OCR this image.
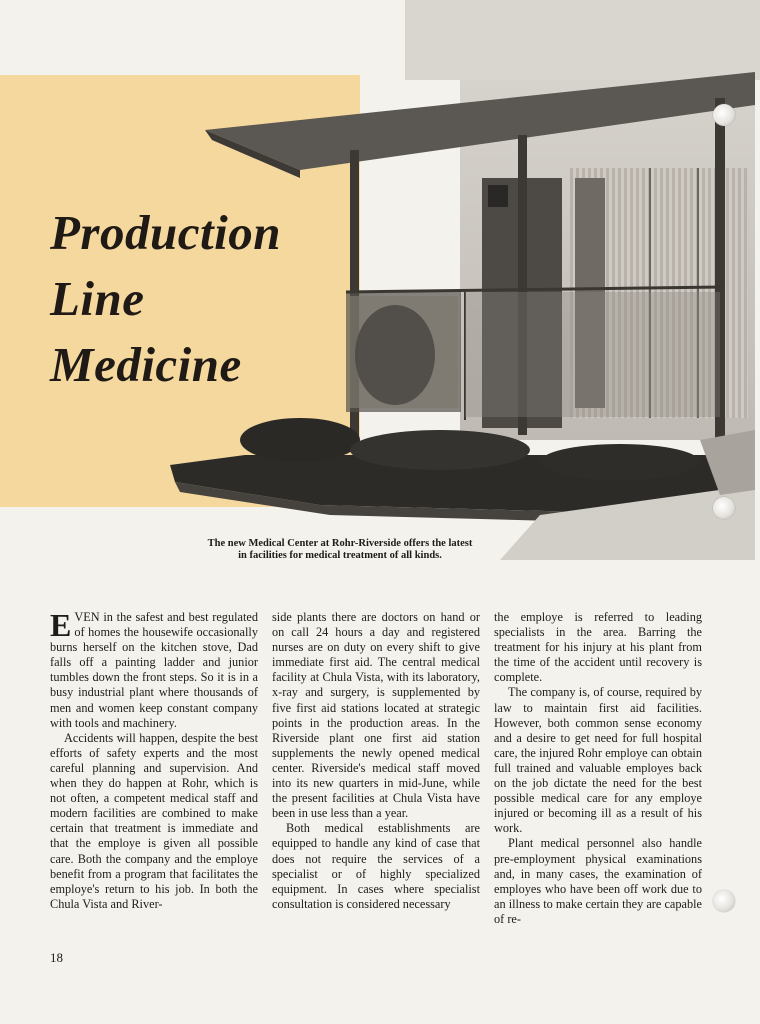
Production
Line
Medicine
The new Medical Center at Rohr-Riverside offers the latest
in facilities for medical treatment of all kinds.

EVEN in the safest and best regulated of homes the housewife occasionally burns herself on the kitchen stove, Dad falls off a painting ladder and junior tumbles down the front steps. So it is in a busy industrial plant where thousands of men and women keep constant company with tools and machinery.

Accidents will happen, despite the best efforts of safety experts and the most careful planning and supervision. And when they do happen at Rohr, which is not often, a competent medical staff and modern facilities are combined to make certain that treatment is immediate and that the employe is given all possible care. Both the company and the employe benefit from a program that facilitates the employe's return to his job. In both the Chula Vista and River-

side plants there are doctors on hand or on call 24 hours a day and registered nurses are on duty on every shift to give immediate first aid. The central medical facility at Chula Vista, with its laboratory, x-ray and surgery, is supplemented by five first aid stations located at strategic points in the production areas. In the Riverside plant one first aid station supplements the newly opened medical center. Riverside's medical staff moved into its new quarters in mid-June, while the present facilities at Chula Vista have been in use less than a year.

Both medical establishments are equipped to handle any kind of case that does not require the services of a specialist or of highly specialized equipment. In cases where specialist consultation is considered necessary

the employe is referred to leading specialists in the area. Barring the treatment for his injury at his plant from the time of the accident until recovery is complete.

The company is, of course, required by law to maintain first aid facilities. However, both common sense economy and a desire to get need for full hospital care, the injured Rohr employe can obtain full trained and valuable employes back on the job dictate the need for the best possible medical care for any employe injured or becoming ill as a result of his work.

Plant medical personnel also handle pre-employment physical examinations and, in many cases, the examination of employes who have been off work due to an illness to make certain they are capable of re-

18
